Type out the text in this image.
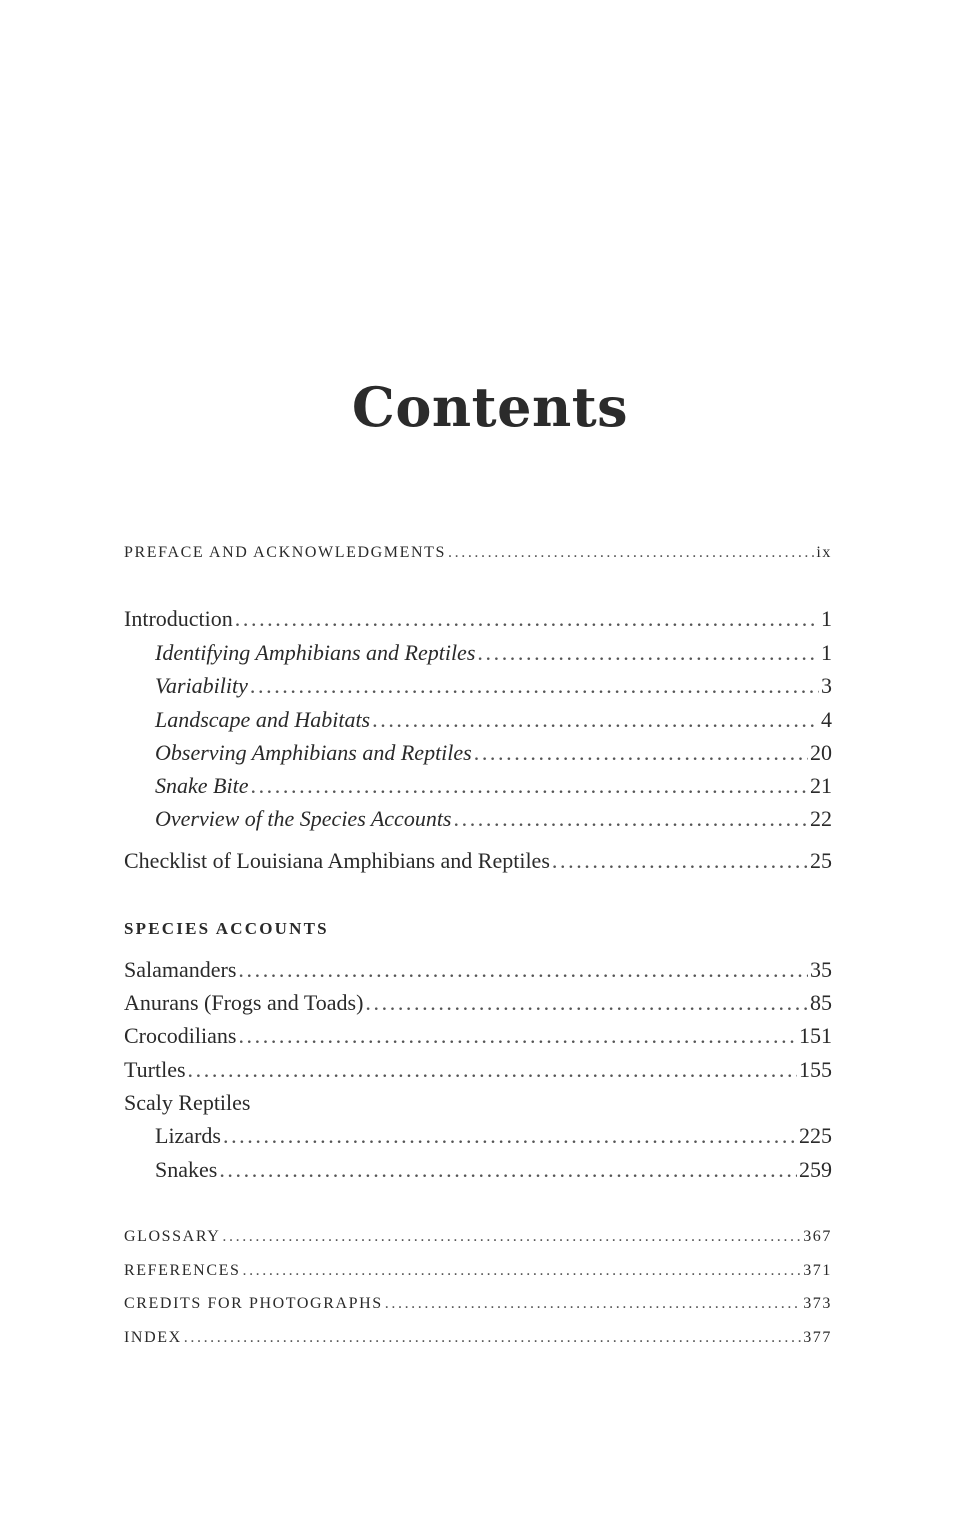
Contents
PREFACE AND ACKNOWLEDGMENTS .....	ix
Introduction .....	1
Identifying Amphibians and Reptiles .....	1
Variability .....	3
Landscape and Habitats .....	4
Observing Amphibians and Reptiles .....	20
Snake Bite .....	21
Overview of the Species Accounts .....	22
Checklist of Louisiana Amphibians and Reptiles .....	25
SPECIES ACCOUNTS
Salamanders .....	35
Anurans (Frogs and Toads) .....	85
Crocodilians .....	151
Turtles .....	155
Scaly Reptiles
Lizards .....	225
Snakes .....	259
GLOSSARY .....	367
REFERENCES .....	371
CREDITS FOR PHOTOGRAPHS .....	373
INDEX .....	377
